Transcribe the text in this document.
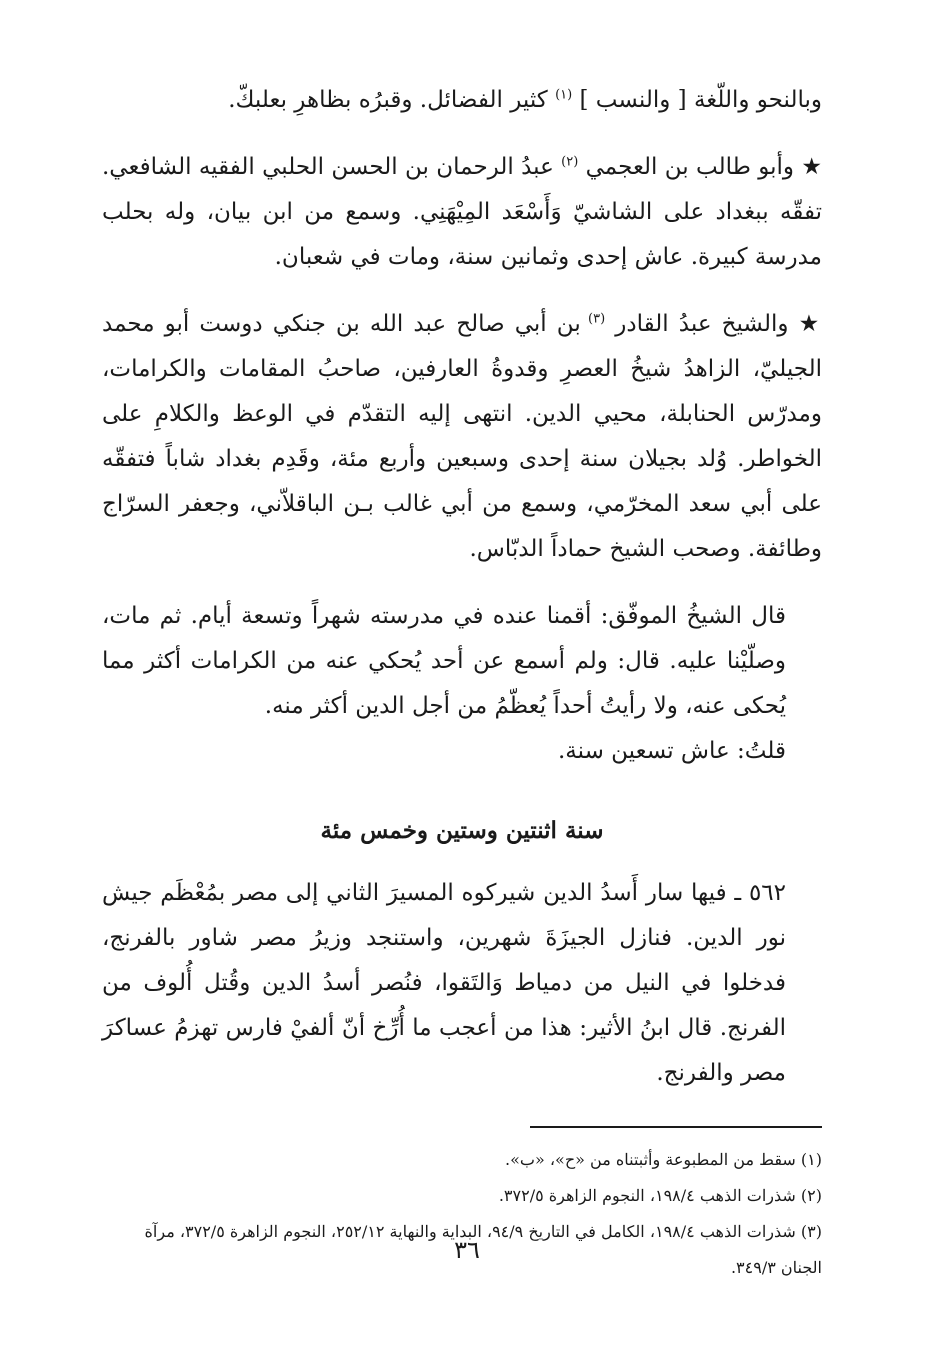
وبالنحو واللّغة [ والنسب ] $^{(١)}$ كثير الفضائل. وقبرُه بظاهرِ بعلبكّ.

★ وأبو طالب بن العجمي $^{(٢)}$ عبدُ الرحمان بن الحسن الحلبي الفقيه الشافعي. تفقّه ببغداد على الشاشيّ وَأَسْعَد المِيْهَنِي. وسمع من ابن بيان، وله بحلب مدرسة كبيرة. عاش إحدى وثمانين سنة، ومات في شعبان.

★ والشيخ عبدُ القادر $^{(٣)}$ بن أبي صالح عبد الله بن جنكي دوست أبو محمد الجيليّ، الزاهدُ شيخُ العصرِ وقدوةُ العارفين، صاحبُ المقامات والكرامات، ومدرّس الحنابلة، محيي الدين. انتهى إليه التقدّم في الوعظ والكلامِ على الخواطر. وُلد بجيلان سنة إحدى وسبعين وأربع مئة، وقَدِم بغداد شاباً فتفقّه على أبي سعد المخرّمي، وسمع من أبي غالب بـن الباقلاّني، وجعفر السرّاج وطائفة. وصحب الشيخ حماداً الدبّاس.

قال الشيخُ الموفّق: أقمنا عنده في مدرسته شهراً وتسعة أيام. ثم مات، وصلّيْنا عليه. قال: ولم أسمع عن أحد يُحكي عنه من الكرامات أكثر مما يُحكى عنه، ولا رأيتُ أحداً يُعظّمُ من أجل الدين أكثر منه.

قلتُ: عاش تسعين سنة.

سنة اثنتين وستين وخمس مئة

٥٦٢ ـ فيها سار أَسدُ الدين شيركوه المسيرَ الثاني إلى مصر بمُعْظَم جيش نور الدين. فنازل الجيزَةَ شهرين، واستنجد وزيرُ مصر شاور بالفرنج، فدخلوا في النيل من دمياط وَالتَقوا، فنُصر أسدُ الدين وقُتل أُلوف من الفرنج. قال ابنُ الأثير: هذا من أعجب ما أُرِّخ أنّ ألفيْ فارس تهزمُ عساكرَ مصر والفرنج.

(١) سقط من المطبوعة وأثبتناه من «ح»، «ب».

(٢) شذرات الذهب ١٩٨/٤، النجوم الزاهرة ٣٧٢/٥.

(٣) شذرات الذهب ١٩٨/٤، الكامل في التاريخ ٩٤/٩، البداية والنهاية ٢٥٢/١٢، النجوم الزاهرة ٣٧٢/٥، مرآة الجنان ٣٤٩/٣.

٣٦
